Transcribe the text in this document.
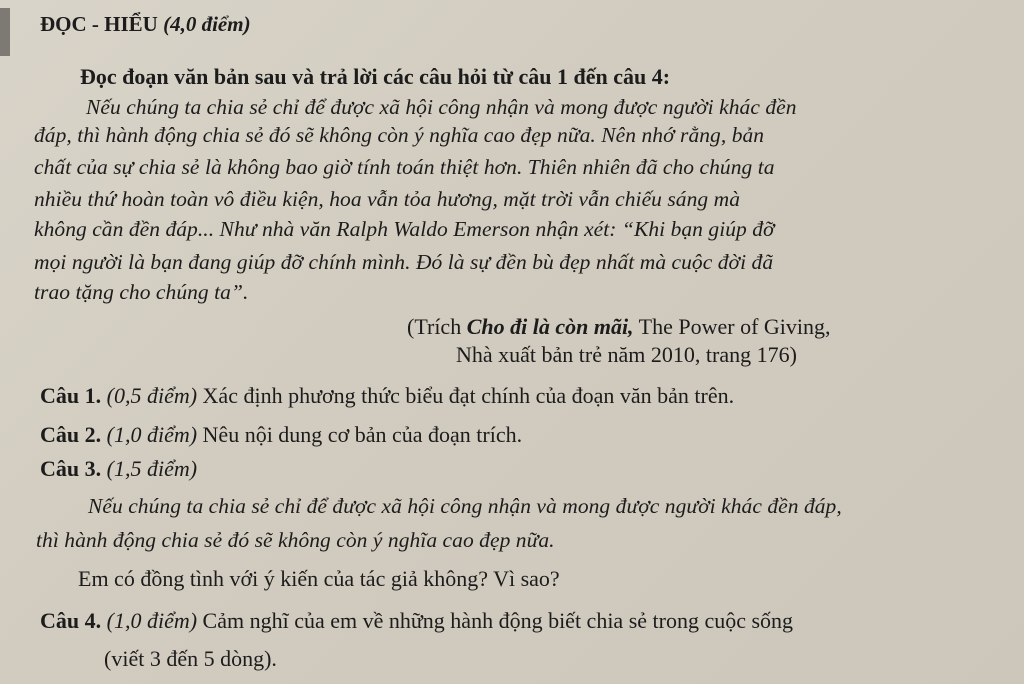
ĐỌC - HIỂU (4,0 điểm)
Đọc đoạn văn bản sau và trả lời các câu hỏi từ câu 1 đến câu 4:
Nếu chúng ta chia sẻ chỉ để được xã hội công nhận và mong được người khác đền
đáp, thì hành động chia sẻ đó sẽ không còn ý nghĩa cao đẹp nữa. Nên nhớ rằng, bản
chất của sự chia sẻ là không bao giờ tính toán thiệt hơn. Thiên nhiên đã cho chúng ta
nhiều thứ hoàn toàn vô điều kiện, hoa vẫn tỏa hương, mặt trời vẫn chiếu sáng mà
không cần đền đáp... Như nhà văn Ralph Waldo Emerson nhận xét: “Khi bạn giúp đỡ
mọi người là bạn đang giúp đỡ chính mình. Đó là sự đền bù đẹp nhất mà cuộc đời đã
trao tặng cho chúng ta”.
(Trích Cho đi là còn mãi, The Power of Giving,
Nhà xuất bản trẻ năm 2010, trang 176)
Câu 1. (0,5 điểm) Xác định phương thức biểu đạt chính của đoạn văn bản trên.
Câu 2. (1,0 điểm) Nêu nội dung cơ bản của đoạn trích.
Câu 3. (1,5 điểm)
Nếu chúng ta chia sẻ chỉ để được xã hội công nhận và mong được người khác đền đáp,
thì hành động chia sẻ đó sẽ không còn ý nghĩa cao đẹp nữa.
Em có đồng tình với ý kiến của tác giả không? Vì sao?
Câu 4. (1,0 điểm) Cảm nghĩ của em về những hành động biết chia sẻ trong cuộc sống
(viết 3 đến 5 dòng).
